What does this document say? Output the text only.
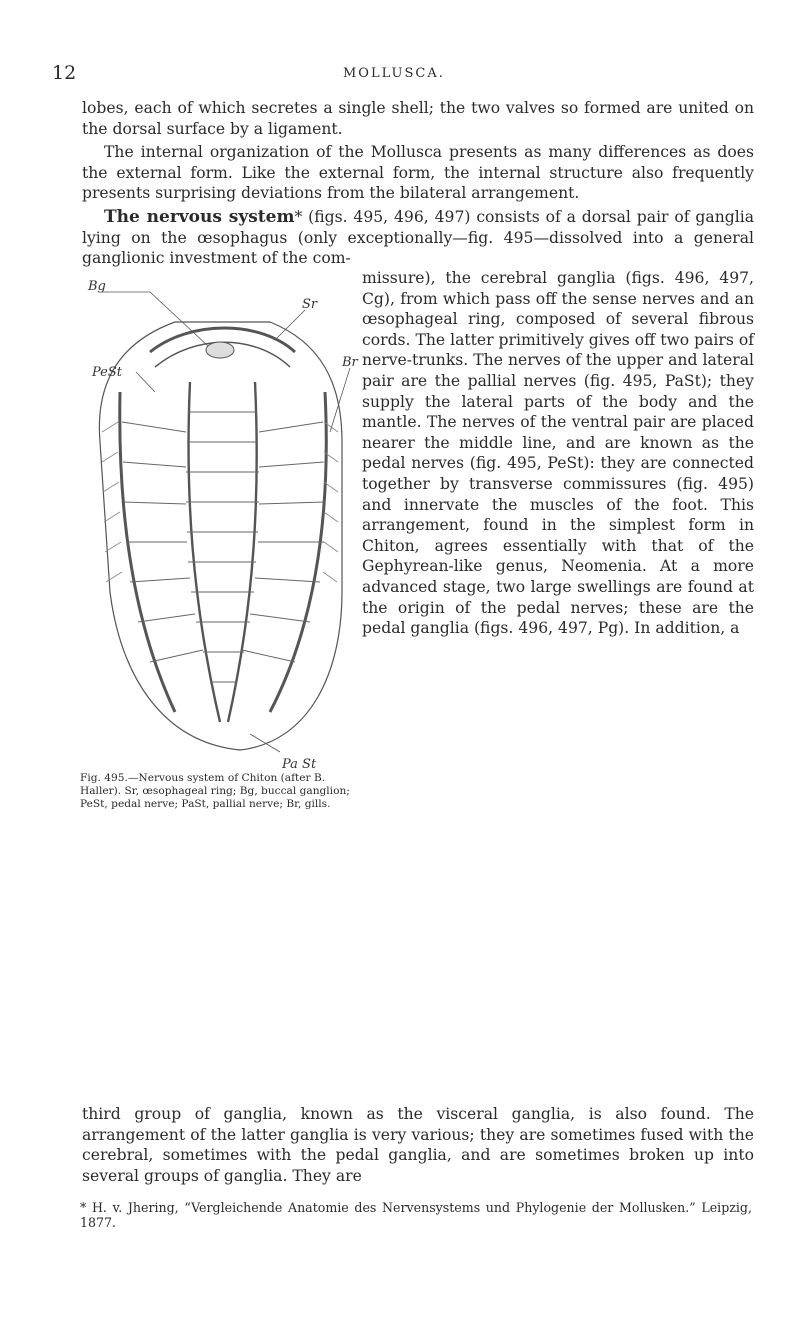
12	MOLLUSCA.

lobes, each of which secretes a single shell; the two valves so formed are united on the dorsal surface by a ligament.

The internal organization of the Mollusca presents as many differences as does the external form. Like the external form, the internal structure also frequently presents surprising deviations from the bilateral arrangement.

The nervous system* (figs. 495, 496, 497) consists of a dorsal pair of ganglia lying on the œsophagus (only exceptionally—fig. 495—dissolved into a general ganglionic investment of the com-

missure), the cerebral ganglia (figs. 496, 497, Cg), from which pass off the sense nerves and an œsophageal ring, composed of several fibrous cords. The latter primitively gives off two pairs of nerve-trunks. The nerves of the upper and lateral pair are the pallial nerves (fig. 495, PaSt); they supply the lateral parts of the body and the mantle. The nerves of the ventral pair are placed nearer the middle line, and are known as the pedal nerves (fig. 495, PeSt): they are connected together by transverse commissures (fig. 495) and innervate the muscles of the foot. This arrangement, found in the simplest form in Chiton, agrees essentially with that of the Gephyrean-like genus, Neomenia. At a more advanced stage, two large swellings are found at the origin of the pedal nerves; these are the pedal ganglia (figs. 496, 497, Pg). In addition, a

third group of ganglia, known as the visceral ganglia, is also found. The arrangement of the latter ganglia is very various; they are sometimes fused with the cerebral, sometimes with the pedal ganglia, and are sometimes broken up into several groups of ganglia. They are

Bg
Sr
PeSt
Br
Pa St
Fig. 495.—Nervous system of Chiton (after B. Haller). Sr, œsophageal ring; Bg, buccal ganglion; PeSt, pedal nerve; PaSt, pallial nerve; Br, gills.
* H. v. Jhering, “Vergleichende Anatomie des Nervensystems und Phylogenie der Mollusken.” Leipzig, 1877.
